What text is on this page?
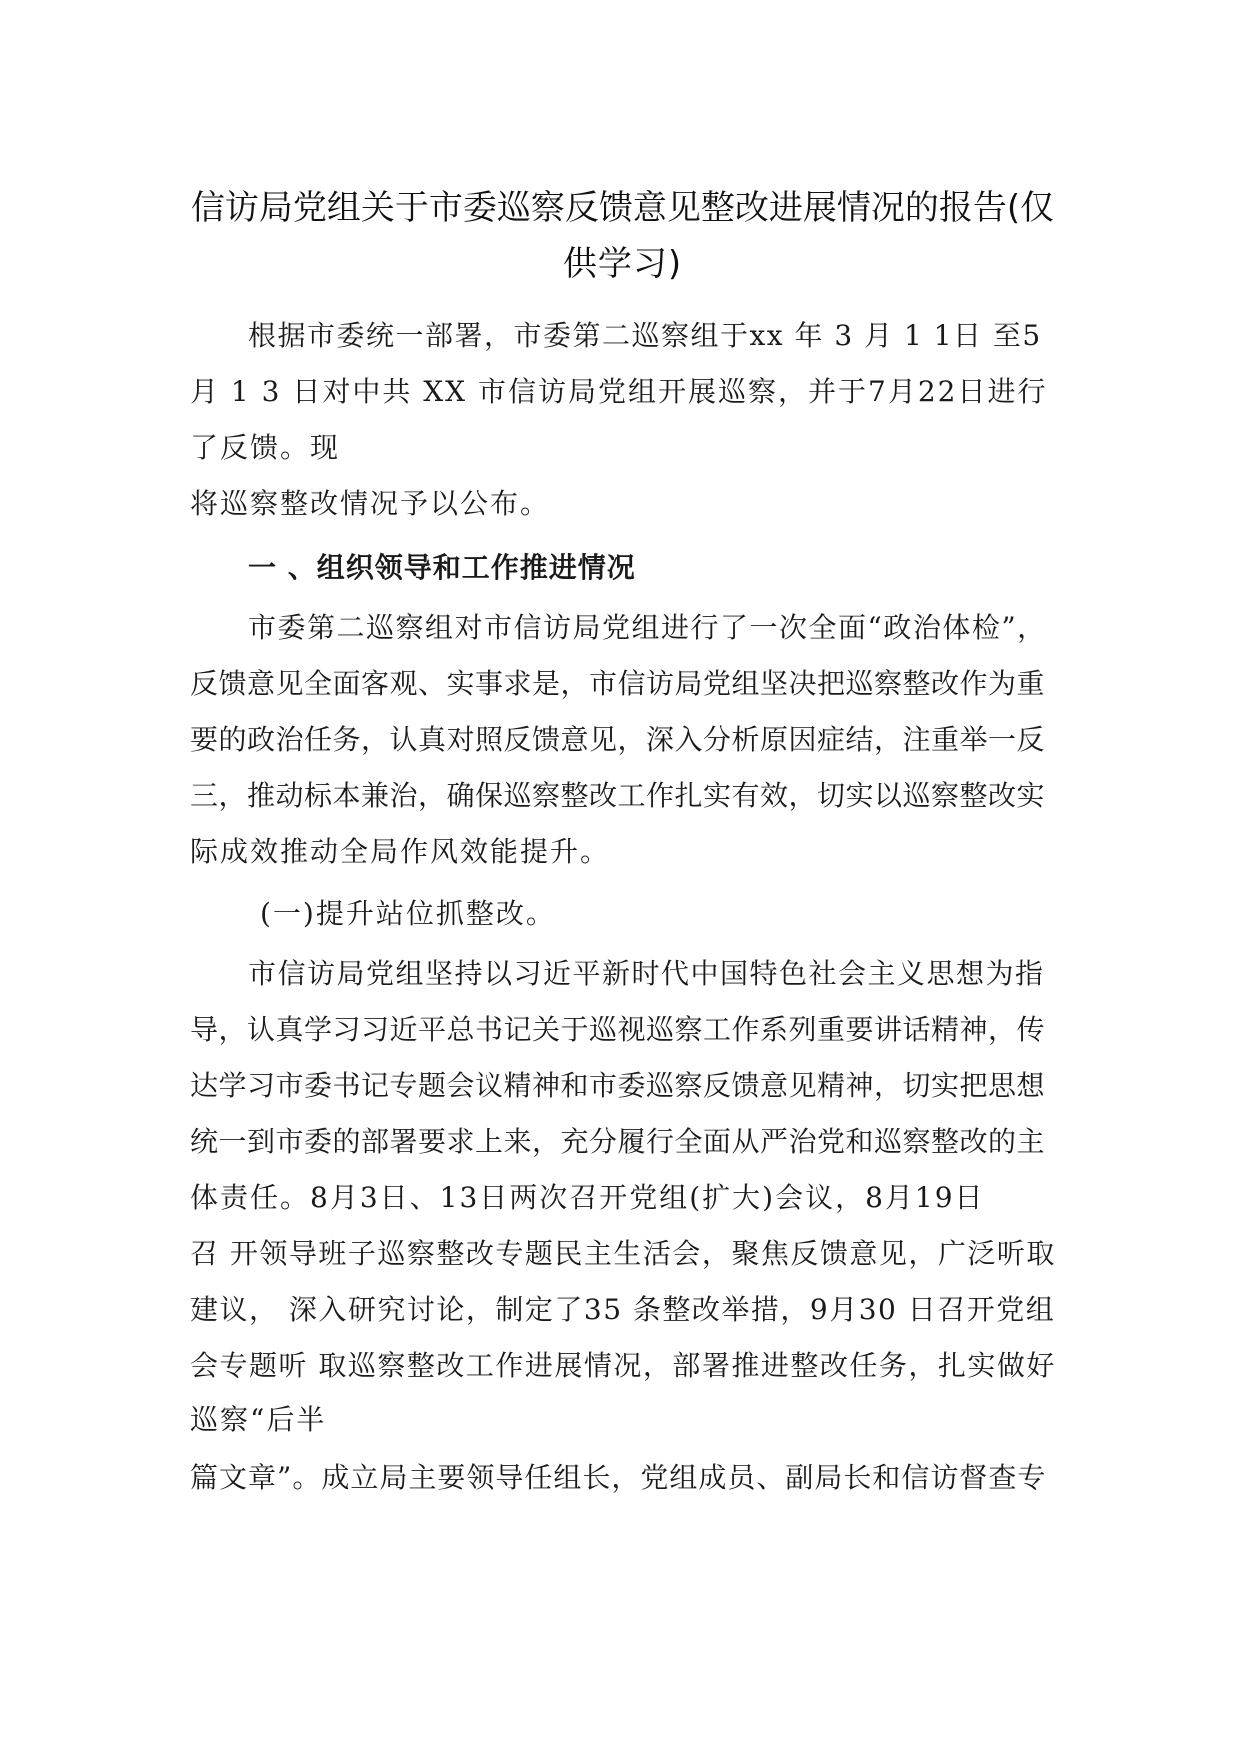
信访局党组关于市委巡察反馈意见整改进展情况的报告(仅
供学习)
根据市委统一部署，市委第二巡察组于xx 年 3 月 1 1日 至5
月 1 3 日对中共 XX 市信访局党组开展巡察，并于7月22日进行
了反馈。现
将巡察整改情况予以公布。
一 、组织领导和工作推进情况
市委第二巡察组对市信访局党组进行了一次全面“政治体检”，
反馈意见全面客观、实事求是，市信访局党组坚决把巡察整改作为重
要的政治任务，认真对照反馈意见，深入分析原因症结，注重举一反
三，推动标本兼治，确保巡察整改工作扎实有效，切实以巡察整改实
际成效推动全局作风效能提升。
(一)提升站位抓整改。
市信访局党组坚持以习近平新时代中国特色社会主义思想为指
导，认真学习习近平总书记关于巡视巡察工作系列重要讲话精神，传
达学习市委书记专题会议精神和市委巡察反馈意见精神，切实把思想
统一到市委的部署要求上来，充分履行全面从严治党和巡察整改的主
体责任。8月3日、13日两次召开党组(扩大)会议，8月19日
召 开领导班子巡察整改专题民主生活会，聚焦反馈意见，广泛听取
建议， 深入研究讨论，制定了35 条整改举措，9月30 日召开党组
会专题听 取巡察整改工作进展情况，部署推进整改任务，扎实做好
巡察“后半
篇文章”。成立局主要领导任组长，党组成员、副局长和信访督查专
